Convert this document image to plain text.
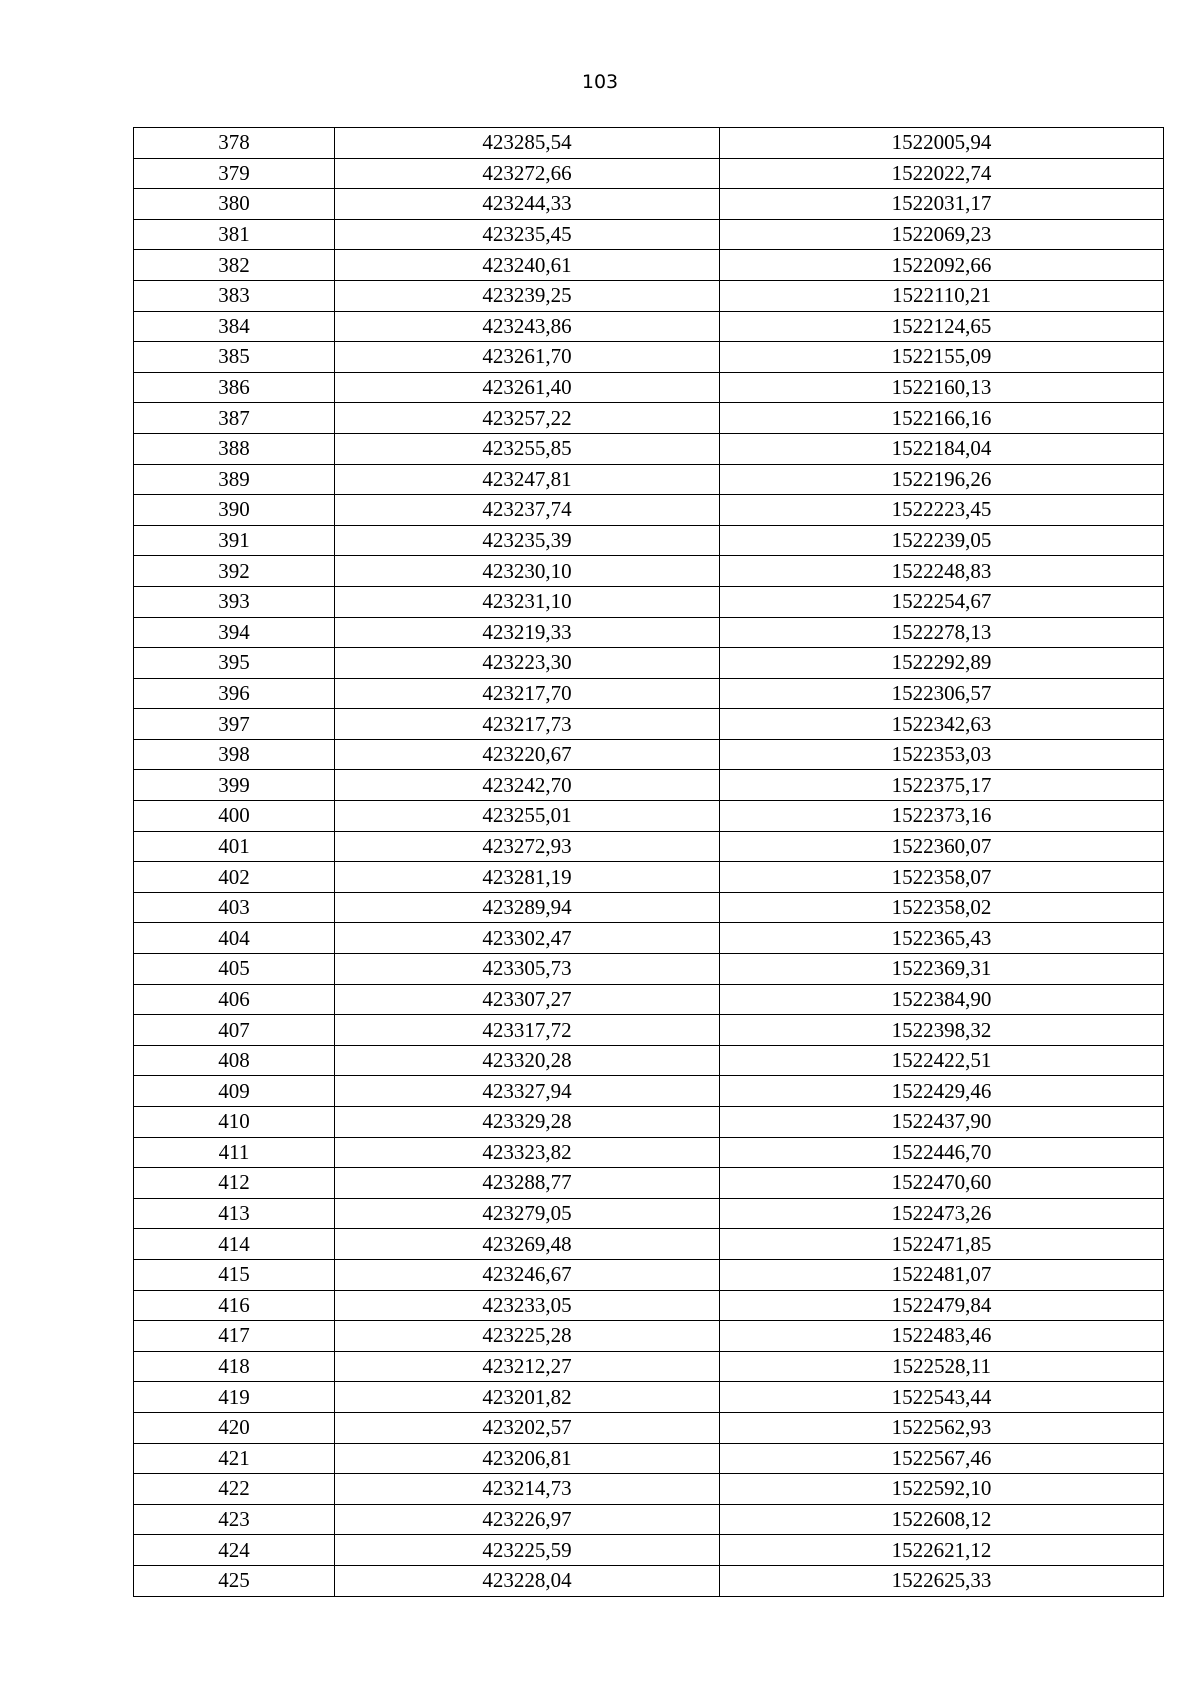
103
378	423285,54	1522005,94
379	423272,66	1522022,74
380	423244,33	1522031,17
381	423235,45	1522069,23
382	423240,61	1522092,66
383	423239,25	1522110,21
384	423243,86	1522124,65
385	423261,70	1522155,09
386	423261,40	1522160,13
387	423257,22	1522166,16
388	423255,85	1522184,04
389	423247,81	1522196,26
390	423237,74	1522223,45
391	423235,39	1522239,05
392	423230,10	1522248,83
393	423231,10	1522254,67
394	423219,33	1522278,13
395	423223,30	1522292,89
396	423217,70	1522306,57
397	423217,73	1522342,63
398	423220,67	1522353,03
399	423242,70	1522375,17
400	423255,01	1522373,16
401	423272,93	1522360,07
402	423281,19	1522358,07
403	423289,94	1522358,02
404	423302,47	1522365,43
405	423305,73	1522369,31
406	423307,27	1522384,90
407	423317,72	1522398,32
408	423320,28	1522422,51
409	423327,94	1522429,46
410	423329,28	1522437,90
411	423323,82	1522446,70
412	423288,77	1522470,60
413	423279,05	1522473,26
414	423269,48	1522471,85
415	423246,67	1522481,07
416	423233,05	1522479,84
417	423225,28	1522483,46
418	423212,27	1522528,11
419	423201,82	1522543,44
420	423202,57	1522562,93
421	423206,81	1522567,46
422	423214,73	1522592,10
423	423226,97	1522608,12
424	423225,59	1522621,12
425	423228,04	1522625,33
